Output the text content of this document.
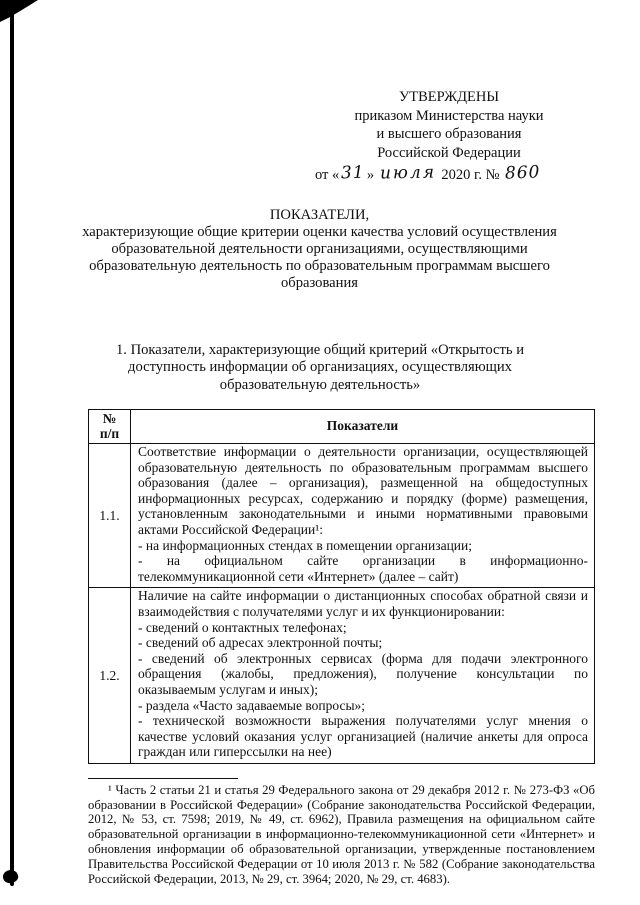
УТВЕРЖДЕНЫ
приказом Министерства науки
и высшего образования
Российской Федерации
от «31 » июля 2020 г. № 860
ПОКАЗАТЕЛИ,
характеризующие общие критерии оценки качества условий осуществления образовательной деятельности организациями, осуществляющими образовательную деятельность по образовательным программам высшего образования
1. Показатели, характеризующие общий критерий «Открытость и доступность информации об организациях, осуществляющих образовательную деятельность»
№
п/п	Показатели
1.1.	Соответствие информации о деятельности организации, осуществляющей образовательную деятельность по образовательным программам высшего образования (далее – организация), размещенной на общедоступных информационных ресурсах, содержанию и порядку (форме) размещения, установленным законодательными и иными нормативными правовыми актами Российской Федерации¹:
- на информационных стендах в помещении организации;
- на официальном сайте организации в информационно-телекоммуникационной сети «Интернет» (далее – сайт)
1.2.	Наличие на сайте информации о дистанционных способах обратной связи и взаимодействия с получателями услуг и их функционировании:
- сведений о контактных телефонах;
- сведений об адресах электронной почты;
- сведений об электронных сервисах (форма для подачи электронного обращения (жалобы, предложения), получение консультации по оказываемым услугам и иных);
- раздела «Часто задаваемые вопросы»;
- технической возможности выражения получателями услуг мнения о качестве условий оказания услуг организацией (наличие анкеты для опроса граждан или гиперссылки на нее)

¹ Часть 2 статьи 21 и статья 29 Федерального закона от 29 декабря 2012 г. № 273-ФЗ «Об образовании в Российской Федерации» (Собрание законодательства Российской Федерации, 2012, № 53, ст. 7598; 2019, № 49, ст. 6962), Правила размещения на официальном сайте образовательной организации в информационно-телекоммуникационной сети «Интернет» и обновления информации об образовательной организации, утвержденные постановлением Правительства Российской Федерации от 10 июля 2013 г. № 582 (Собрание законодательства Российской Федерации, 2013, № 29, ст. 3964; 2020, № 29, ст. 4683).
